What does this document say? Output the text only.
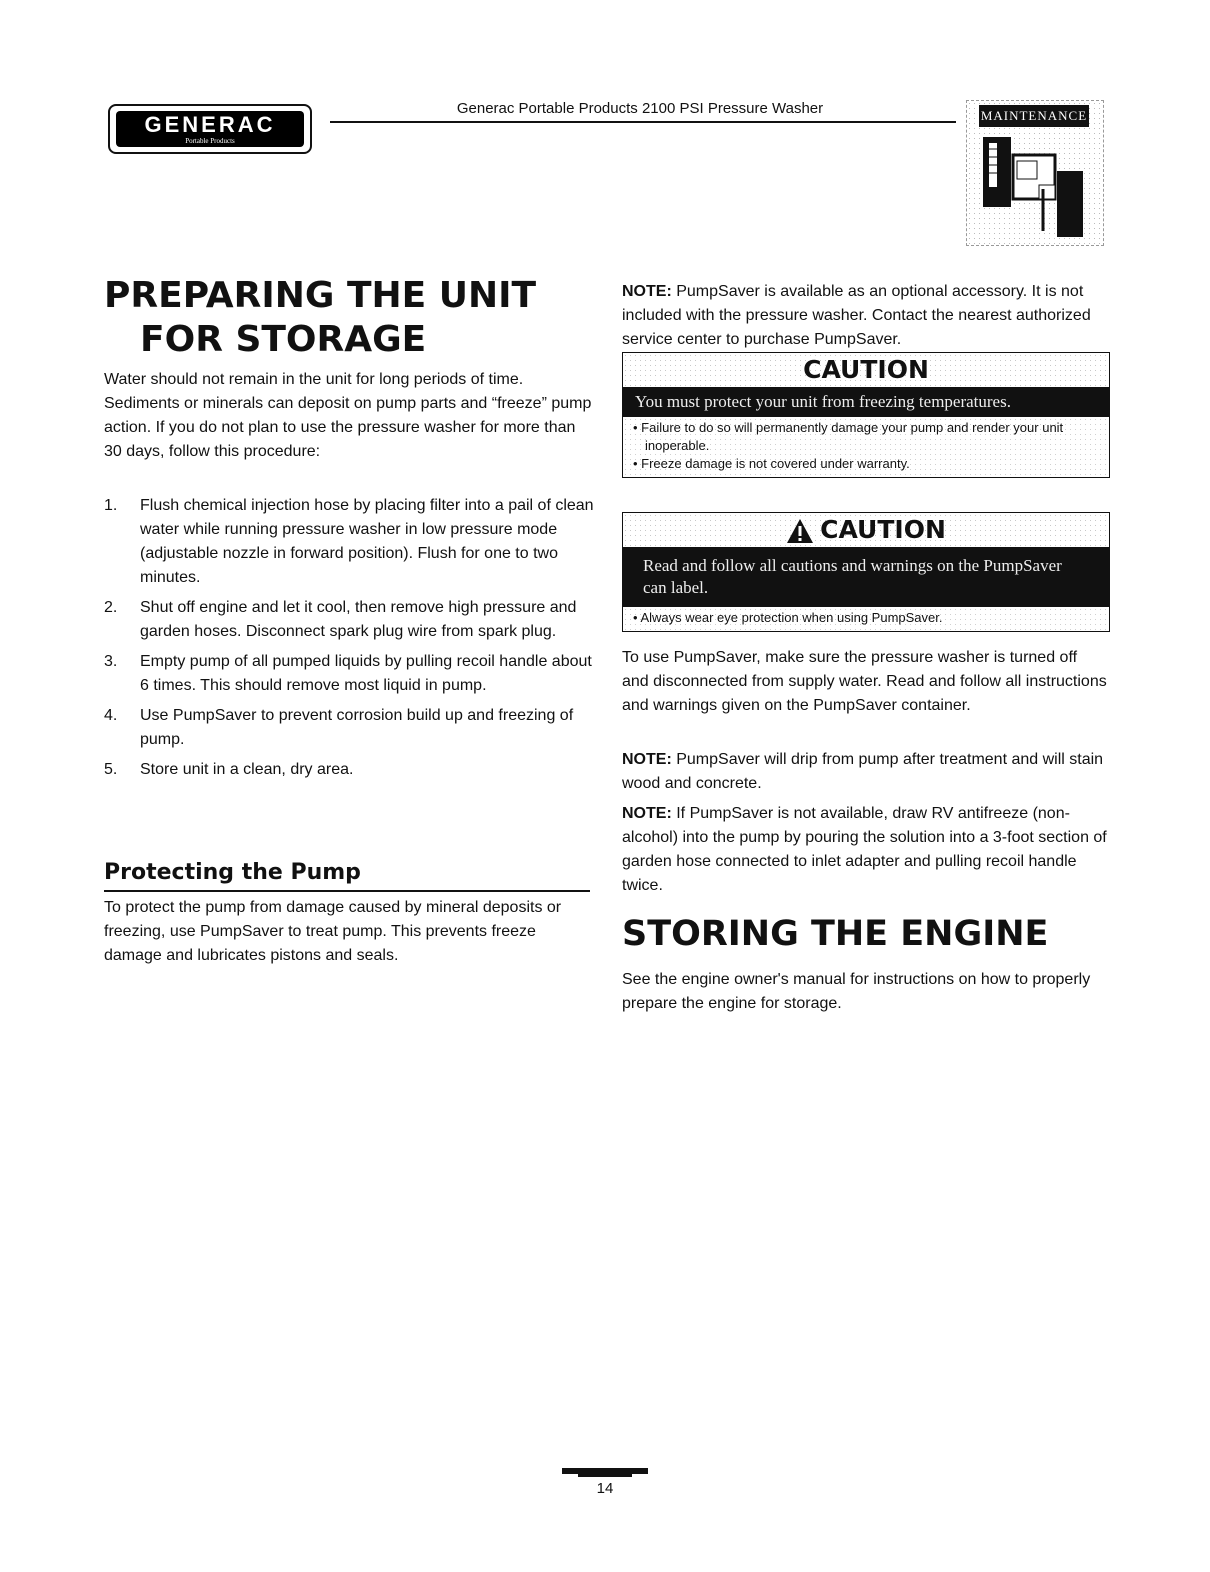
GENERAC
Portable Products
Generac Portable Products 2100 PSI Pressure Washer	MAINTENANCE
PREPARING THE UNIT
FOR STORAGE
Water should not remain in the unit for long periods of time. Sediments or minerals can deposit on pump parts and “freeze” pump action. If you do not plan to use the pressure washer for more than 30 days, follow this procedure:
1.	Flush chemical injection hose by placing filter into a pail of clean water while running pressure washer in low pressure mode (adjustable nozzle in forward position). Flush for one to two minutes.
2.	Shut off engine and let it cool, then remove high pressure and garden hoses. Disconnect spark plug wire from spark plug.
3.	Empty pump of all pumped liquids by pulling recoil handle about 6 times. This should remove most liquid in pump.
4.	Use PumpSaver to prevent corrosion build up and freezing of pump.
5.	Store unit in a clean, dry area.
Protecting the Pump
To protect the pump from damage caused by mineral deposits or freezing, use PumpSaver to treat pump. This prevents freeze damage and lubricates pistons and seals.
NOTE: PumpSaver is available as an optional accessory. It is not included with the pressure washer. Contact the nearest authorized service center to purchase PumpSaver.
CAUTION
You must protect your unit from freezing temperatures.
• Failure to do so will permanently damage your pump and render your unit inoperable.
• Freeze damage is not covered under warranty.
CAUTION
Read and follow all cautions and warnings on the PumpSaver can label.
• Always wear eye protection when using PumpSaver.
To use PumpSaver, make sure the pressure washer is turned off and disconnected from supply water. Read and follow all instructions and warnings given on the PumpSaver container.
NOTE: PumpSaver will drip from pump after treatment and will stain wood and concrete.
NOTE: If PumpSaver is not available, draw RV antifreeze (non-alcohol) into the pump by pouring the solution into a 3-foot section of garden hose connected to inlet adapter and pulling recoil handle twice.
STORING THE ENGINE
See the engine owner's manual for instructions on how to properly prepare the engine for storage.
14
